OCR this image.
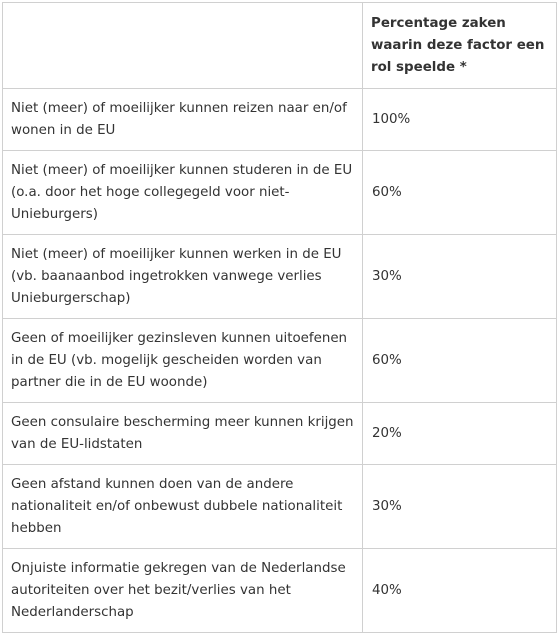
	Percentage zaken waarin deze factor een rol speelde *
Niet (meer) of moeilijker kunnen reizen naar en/of wonen in de EU	100%
Niet (meer) of moeilijker kunnen studeren in de EU (o.a. door het hoge collegegeld voor niet-Unieburgers)	60%
Niet (meer) of moeilijker kunnen werken in de EU (vb. baanaanbod ingetrokken vanwege verlies Unieburgerschap)	30%
Geen of moeilijker gezinsleven kunnen uitoefenen in de EU (vb. mogelijk gescheiden worden van partner die in de EU woonde)	60%
Geen consulaire bescherming meer kunnen krijgen van de EU-lidstaten	20%
Geen afstand kunnen doen van de andere nationaliteit en/of onbewust dubbele nationaliteit hebben	30%
Onjuiste informatie gekregen van de Nederlandse autoriteiten over het bezit/verlies van het Nederlanderschap	40%
